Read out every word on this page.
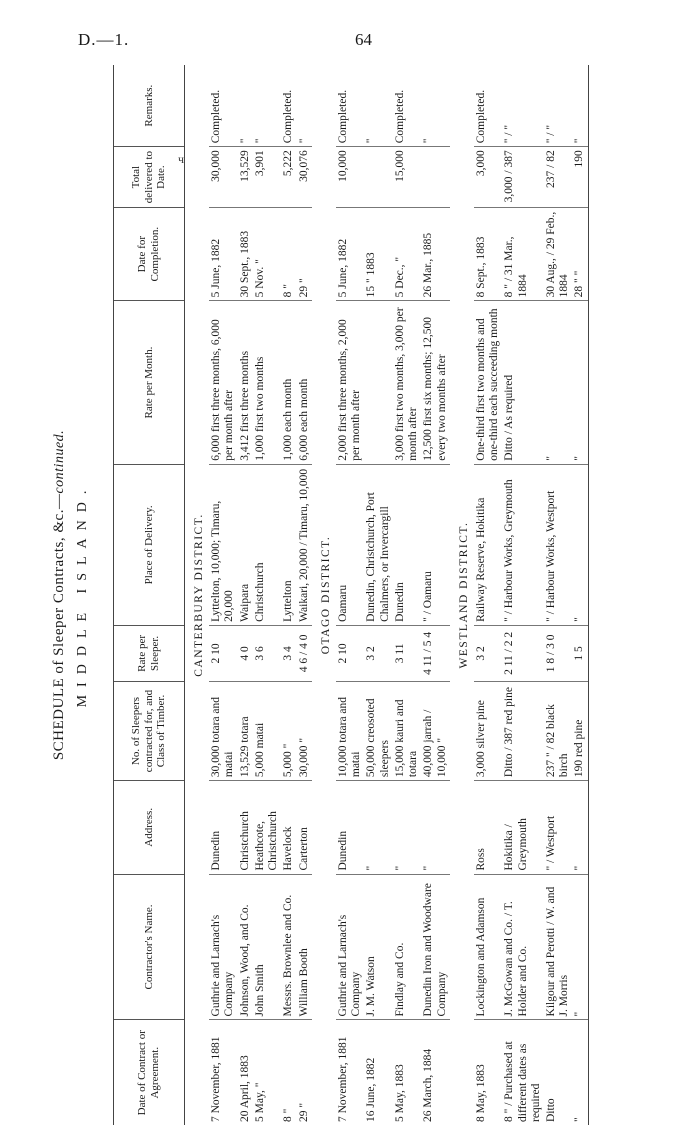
D.—1.	64
ч
SCHEDULE of Sleeper Contracts, &c.—continued.
MIDDLE ISLAND.
Date of Contract or Agreement.	Contractor's Name.	Address.	No. of Sleepers contracted for, and Class of Timber.	Rate per Sleeper.	Place of Delivery.	Rate per Month.	Date for Completion.	Total delivered to Date.	Remarks.
CANTERBURY DISTRICT.									
7 November, 1881	Guthrie and Larnach's Company	Dunedin	30,000 totara and matai	2 10	Lyttelton, 10,000; Timaru, 20,000	6,000 first three months, 6,000 per month after	5 June, 1882	30,000	Completed.
20 April, 1883	Johnson, Wood, and Co.	Christchurch	13,529 totara	4 0	Waipara	3,412 first three months	30 Sept., 1883	13,529	"
5 May, "	John Smith	Heathcote, Christchurch	5,000 matai	3 6	Christchurch	1,000 first two months	5 Nov. "	3,901	"
8 "	Messrs. Brownlee and Co.	Havelock	5,000 "	3 4	Lyttelton	1,000 each month	8 "	5,222	Completed.
29 "	William Booth	Carterton	30,000 "	4 6 / 4 0	Waikari, 20,000 / Timaru, 10,000	6,000 each month	29 "	30,076	"
OTAGO DISTRICT.									
7 November, 1881	Guthrie and Larnach's Company	Dunedin	10,000 totara and matai	2 10	Oamaru	2,000 first three months, 2,000 per month after	5 June, 1882	10,000	Completed.
16 June, 1882	J. M. Watson	"	50,000 creosoted sleepers	3 2	Dunedin, Christchurch, Port Chalmers, or Invercargill		15 " 1883		"
5 May, 1883	Findlay and Co.	"	15,000 kauri and totara	3 11	Dunedin	3,000 first two months, 3,000 per month after	5 Dec., "	15,000	Completed.
26 March, 1884	Dunedin Iron and Woodware Company	"	40,000 jarrah / 10,000 "	4 11 / 5 4	" / Oamaru	12,500 first six months; 12,500 every two months after	26 Mar., 1885		"
WESTLAND DISTRICT.									
8 May, 1883	Lockington and Adamson	Ross	3,000 silver pine	3 2	Railway Reserve, Hokitika	One-third first two months and one-third each succeeding month	8 Sept., 1883	3,000	Completed.
8 " / Purchased at different dates as required	J. McGowan and Co. / T. Holder and Co.	Hokitika / Greymouth	Ditto / 387 red pine	2 11 / 2 2	" / Harbour Works, Greymouth	Ditto / As required	8 " / 31 Mar., 1884	3,000 / 387	" / "
Ditto	Kilgour and Perotti / W. and J. Morris	" / Westport	237 " / 82 black birch	1 8 / 3 0	" / Harbour Works, Westport	"	30 Aug., / 29 Feb., 1884	237 / 82	" / "
"	"	"	190 red pine	1 5	"	"	28 " "	190	"
